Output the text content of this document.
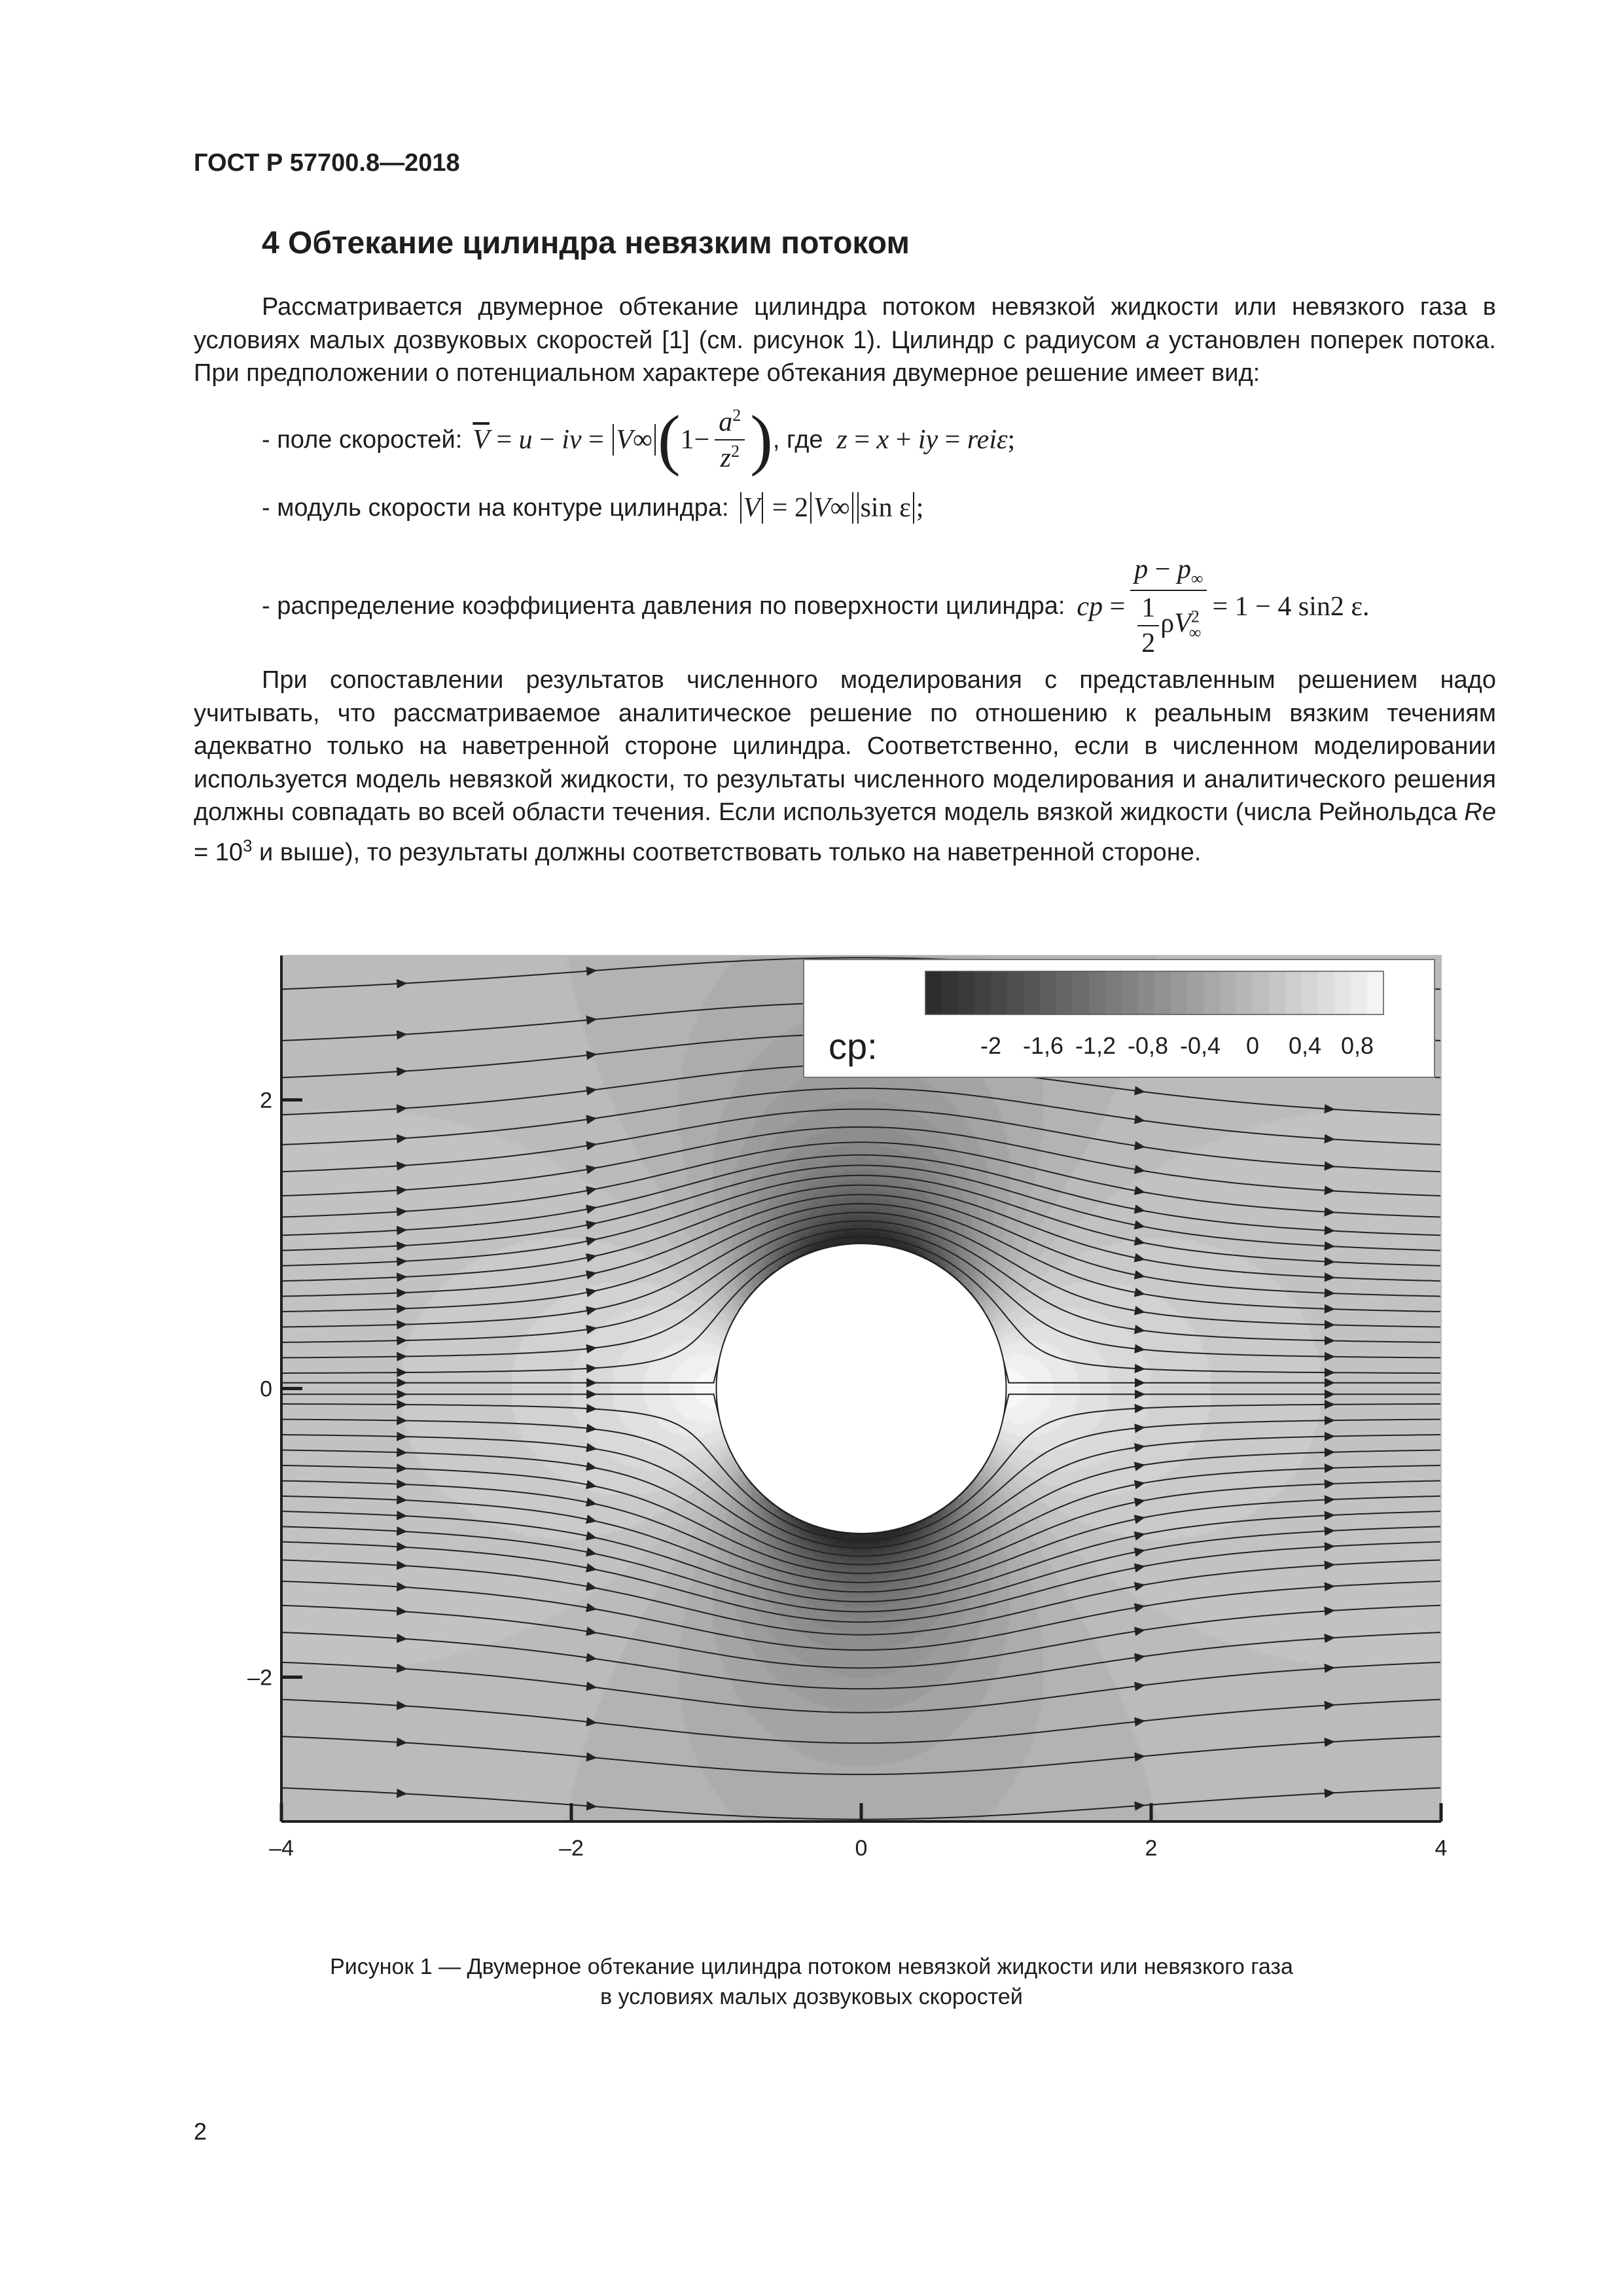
ГОСТ Р 57700.8—2018
4 Обтекание цилиндра невязким потоком
Рассматривается двумерное обтекание цилиндра потоком невязкой жидкости или невязкого газа в условиях малых дозвуковых скоростей [1] (см. рисунок 1). Цилиндр с радиусом a установлен поперек потока. При предположении о потенциальном характере обтекания двумерное решение имеет вид:
- поле скоростей: $\overline{V} = u$ − iv = V ∞ ( $1- \frac{a^2}{z^2}$ ) , где z = x + iy = re iε ;
- модуль скорости на контуре цилиндра: V = 2 V ∞ sin ε ;
- распределение коэффициента давления по поверхности цилиндра: c $p = \frac{p - p_\infty}{\frac{1}{2} \rho V^2_\infty} = 1 - 4$ sin 2 ε.
При сопоставлении результатов численного моделирования с представленным решением надо учитывать, что рассматриваемое аналитическое решение по отношению к реальным вязким течениям адекватно только на наветренной стороне цилиндра. Соответственно, если в численном моделировании используется модель невязкой жидкости, то результаты численного моделирования и аналитического решения должны совпадать во всей области течения. Если используется модель вязкой жидкости (числа Рейнольдса $Re = 10^3$ и выше), то результаты должны соответствовать только на наветренной стороне.
–4	–2	0	2	4
–2
0
2
cp:	-2 -1,6 -1,2 -0,8 -0,4 0 0,4 0,8
Рисунок 1 — Двумерное обтекание цилиндра потоком невязкой жидкости или невязкого газа
в условиях малых дозвуковых скоростей
2
